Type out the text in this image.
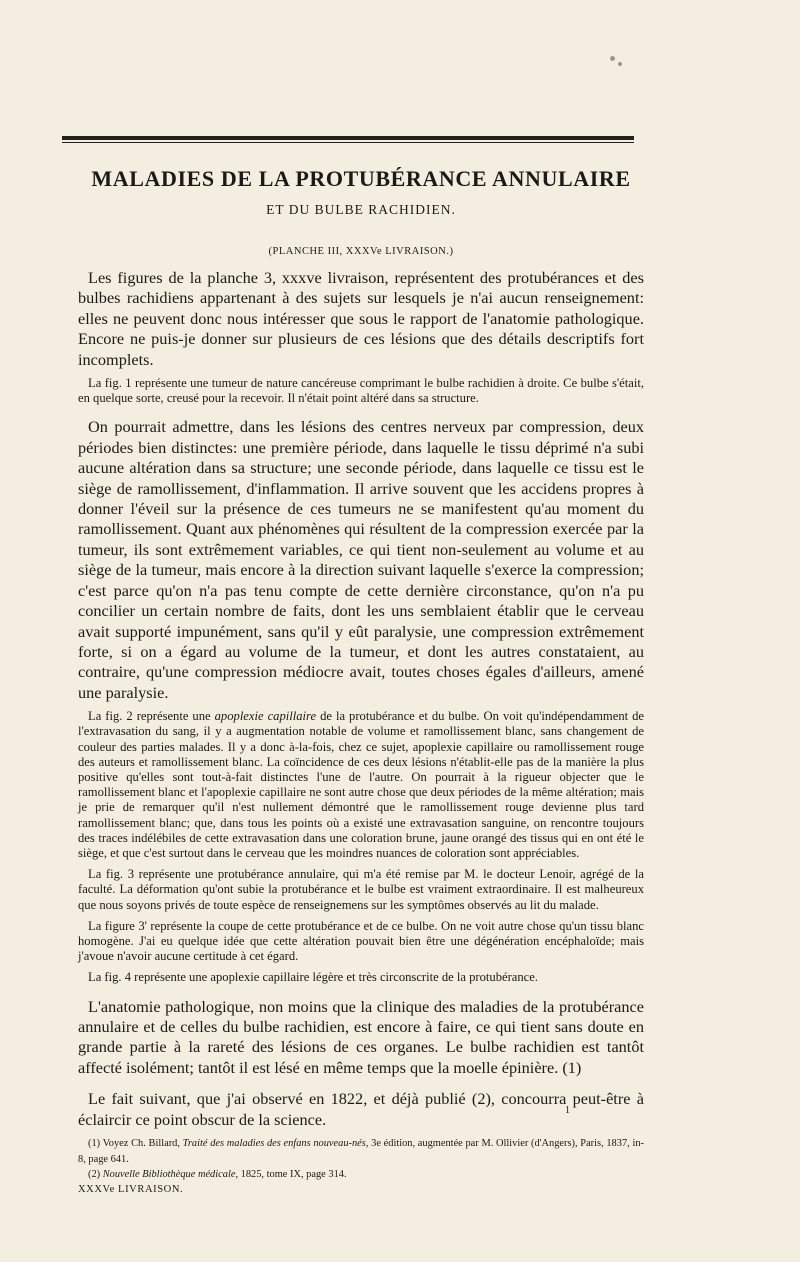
MALADIES DE LA PROTUBÉRANCE ANNULAIRE
ET DU BULBE RACHIDIEN.
(PLANCHE III, XXXVe LIVRAISON.)

Les figures de la planche 3, xxxve livraison, représentent des protubérances et des bulbes rachidiens appartenant à des sujets sur lesquels je n'ai aucun renseignement: elles ne peuvent donc nous intéresser que sous le rapport de l'anatomie pathologique. Encore ne puis-je donner sur plusieurs de ces lésions que des détails descriptifs fort incomplets.

La fig. 1 représente une tumeur de nature cancéreuse comprimant le bulbe rachidien à droite. Ce bulbe s'était, en quelque sorte, creusé pour la recevoir. Il n'était point altéré dans sa structure.

On pourrait admettre, dans les lésions des centres nerveux par compression, deux périodes bien distinctes: une première période, dans laquelle le tissu déprimé n'a subi aucune altération dans sa structure; une seconde période, dans laquelle ce tissu est le siège de ramollissement, d'inflammation. Il arrive souvent que les accidens propres à donner l'éveil sur la présence de ces tumeurs ne se manifestent qu'au moment du ramollissement. Quant aux phénomènes qui résultent de la compression exercée par la tumeur, ils sont extrêmement variables, ce qui tient non-seulement au volume et au siège de la tumeur, mais encore à la direction suivant laquelle s'exerce la compression; c'est parce qu'on n'a pas tenu compte de cette dernière circonstance, qu'on n'a pu concilier un certain nombre de faits, dont les uns semblaient établir que le cerveau avait supporté impunément, sans qu'il y eût paralysie, une compression extrêmement forte, si on a égard au volume de la tumeur, et dont les autres constataient, au contraire, qu'une compression médiocre avait, toutes choses égales d'ailleurs, amené une paralysie.

La fig. 2 représente une apoplexie capillaire de la protubérance et du bulbe. On voit qu'indépendamment de l'extravasation du sang, il y a augmentation notable de volume et ramollissement blanc, sans changement de couleur des parties malades. Il y a donc à-la-fois, chez ce sujet, apoplexie capillaire ou ramollissement rouge des auteurs et ramollissement blanc. La coïncidence de ces deux lésions n'établit-elle pas de la manière la plus positive qu'elles sont tout-à-fait distinctes l'une de l'autre. On pourrait à la rigueur objecter que le ramollissement blanc et l'apoplexie capillaire ne sont autre chose que deux périodes de la même altération; mais je prie de remarquer qu'il n'est nullement démontré que le ramollissement rouge devienne plus tard ramollissement blanc; que, dans tous les points où a existé une extravasation sanguine, on rencontre toujours des traces indélébiles de cette extravasation dans une coloration brune, jaune orangé des tissus qui en ont été le siège, et que c'est surtout dans le cerveau que les moindres nuances de coloration sont appréciables.

La fig. 3 représente une protubérance annulaire, qui m'a été remise par M. le docteur Lenoir, agrégé de la faculté. La déformation qu'ont subie la protubérance et le bulbe est vraiment extraordinaire. Il est malheureux que nous soyons privés de toute espèce de renseignemens sur les symptômes observés au lit du malade.

La figure 3' représente la coupe de cette protubérance et de ce bulbe. On ne voit autre chose qu'un tissu blanc homogène. J'ai eu quelque idée que cette altération pouvait bien être une dégénération encéphaloïde; mais j'avoue n'avoir aucune certitude à cet égard.

La fig. 4 représente une apoplexie capillaire légère et très circonscrite de la protubérance.

L'anatomie pathologique, non moins que la clinique des maladies de la protubérance annulaire et de celles du bulbe rachidien, est encore à faire, ce qui tient sans doute en grande partie à la rareté des lésions de ces organes. Le bulbe rachidien est tantôt affecté isolément; tantôt il est lésé en même temps que la moelle épinière. (1)

Le fait suivant, que j'ai observé en 1822, et déjà publié (2), concourra peut-être à éclaircir ce point obscur de la science.

(1) Voyez Ch. Billard, Traité des maladies des enfans nouveau-nés, 3e édition, augmentée par M. Ollivier (d'Angers), Paris, 1837, in-8, page 641.

(2) Nouvelle Bibliothèque médicale, 1825, tome IX, page 314.

XXXVe LIVRAISON.
1
